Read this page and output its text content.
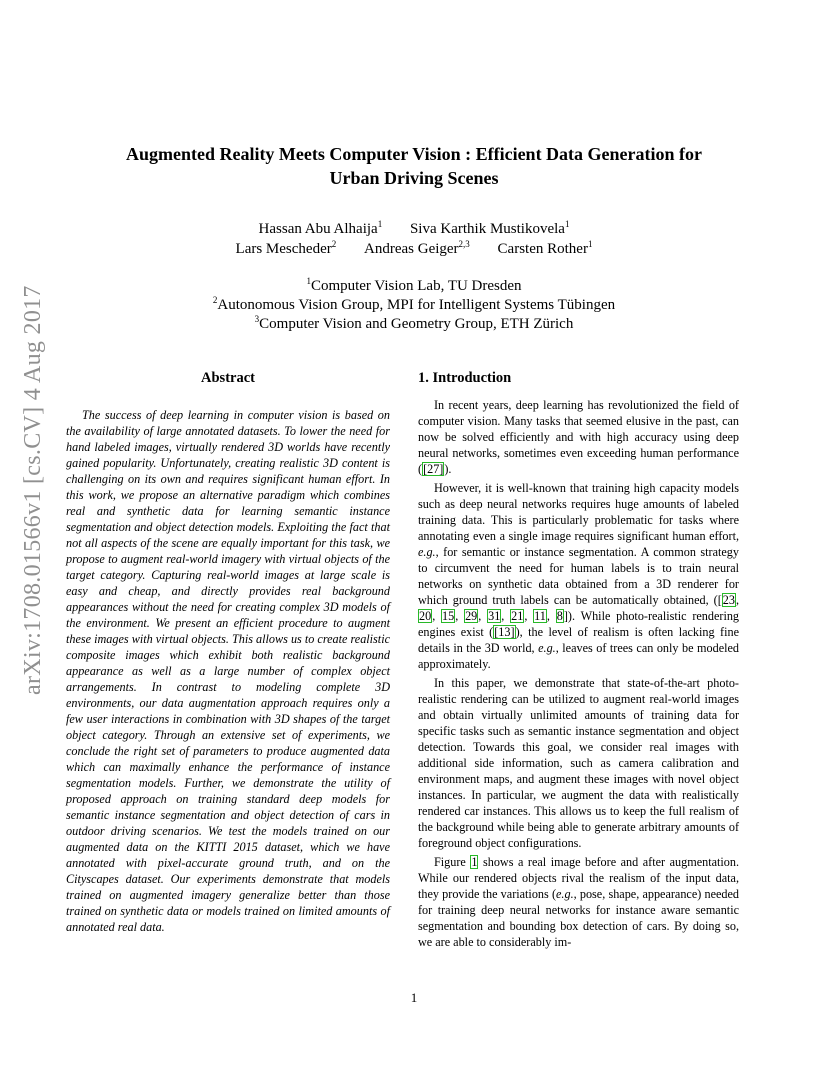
arXiv:1708.01566v1 [cs.CV] 4 Aug 2017
Augmented Reality Meets Computer Vision : Efficient Data Generation for
Urban Driving Scenes
Hassan Abu Alhaija$^1$ Siva Karthik Mustikovela$^1$
Lars Mescheder$^2$ Andreas Geiger$^{2,3}$ Carsten Rother$^1$
$^1$Computer Vision Lab, TU Dresden
$^2$Autonomous Vision Group, MPI for Intelligent Systems Tübingen
$^3$Computer Vision and Geometry Group, ETH Zürich
Abstract

The success of deep learning in computer vision is based on the availability of large annotated datasets. To lower the need for hand labeled images, virtually rendered 3D worlds have recently gained popularity. Unfortunately, creating realistic 3D content is challenging on its own and requires significant human effort. In this work, we propose an alternative paradigm which combines real and synthetic data for learning semantic instance segmentation and object detection models. Exploiting the fact that not all aspects of the scene are equally important for this task, we propose to augment real-world imagery with virtual objects of the target category. Capturing real-world images at large scale is easy and cheap, and directly provides real background appearances without the need for creating complex 3D models of the environment. We present an efficient procedure to augment these images with virtual objects. This allows us to create realistic composite images which exhibit both realistic background appearance as well as a large number of complex object arrangements. In contrast to modeling complete 3D environments, our data augmentation approach requires only a few user interactions in combination with 3D shapes of the target object category. Through an extensive set of experiments, we conclude the right set of parameters to produce augmented data which can maximally enhance the performance of instance segmentation models. Further, we demonstrate the utility of proposed approach on training standard deep models for semantic instance segmentation and object detection of cars in outdoor driving scenarios. We test the models trained on our augmented data on the KITTI 2015 dataset, which we have annotated with pixel-accurate ground truth, and on the Cityscapes dataset. Our experiments demonstrate that models trained on augmented imagery generalize better than those trained on synthetic data or models trained on limited amounts of annotated real data.

1. Introduction

In recent years, deep learning has revolutionized the field of computer vision. Many tasks that seemed elusive in the past, can now be solved efficiently and with high accuracy using deep neural networks, sometimes even exceeding human performance ([27]).

However, it is well-known that training high capacity models such as deep neural networks requires huge amounts of labeled training data. This is particularly problematic for tasks where annotating even a single image requires significant human effort, e.g., for semantic or instance segmentation. A common strategy to circumvent the need for human labels is to train neural networks on synthetic data obtained from a 3D renderer for which ground truth labels can be automatically obtained, ([23, 20, 15, 29, 31, 21, 11, 8]). While photo-realistic rendering engines exist ([13]), the level of realism is often lacking fine details in the 3D world, e.g., leaves of trees can only be modeled approximately.

In this paper, we demonstrate that state-of-the-art photo-realistic rendering can be utilized to augment real-world images and obtain virtually unlimited amounts of training data for specific tasks such as semantic instance segmentation and object detection. Towards this goal, we consider real images with additional side information, such as camera calibration and environment maps, and augment these images with novel object instances. In particular, we augment the data with realistically rendered car instances. This allows us to keep the full realism of the background while being able to generate arbitrary amounts of foreground object configurations.

Figure 1 shows a real image before and after augmentation. While our rendered objects rival the realism of the input data, they provide the variations (e.g., pose, shape, appearance) needed for training deep neural networks for instance aware semantic segmentation and bounding box detection of cars. By doing so, we are able to considerably im-

1
